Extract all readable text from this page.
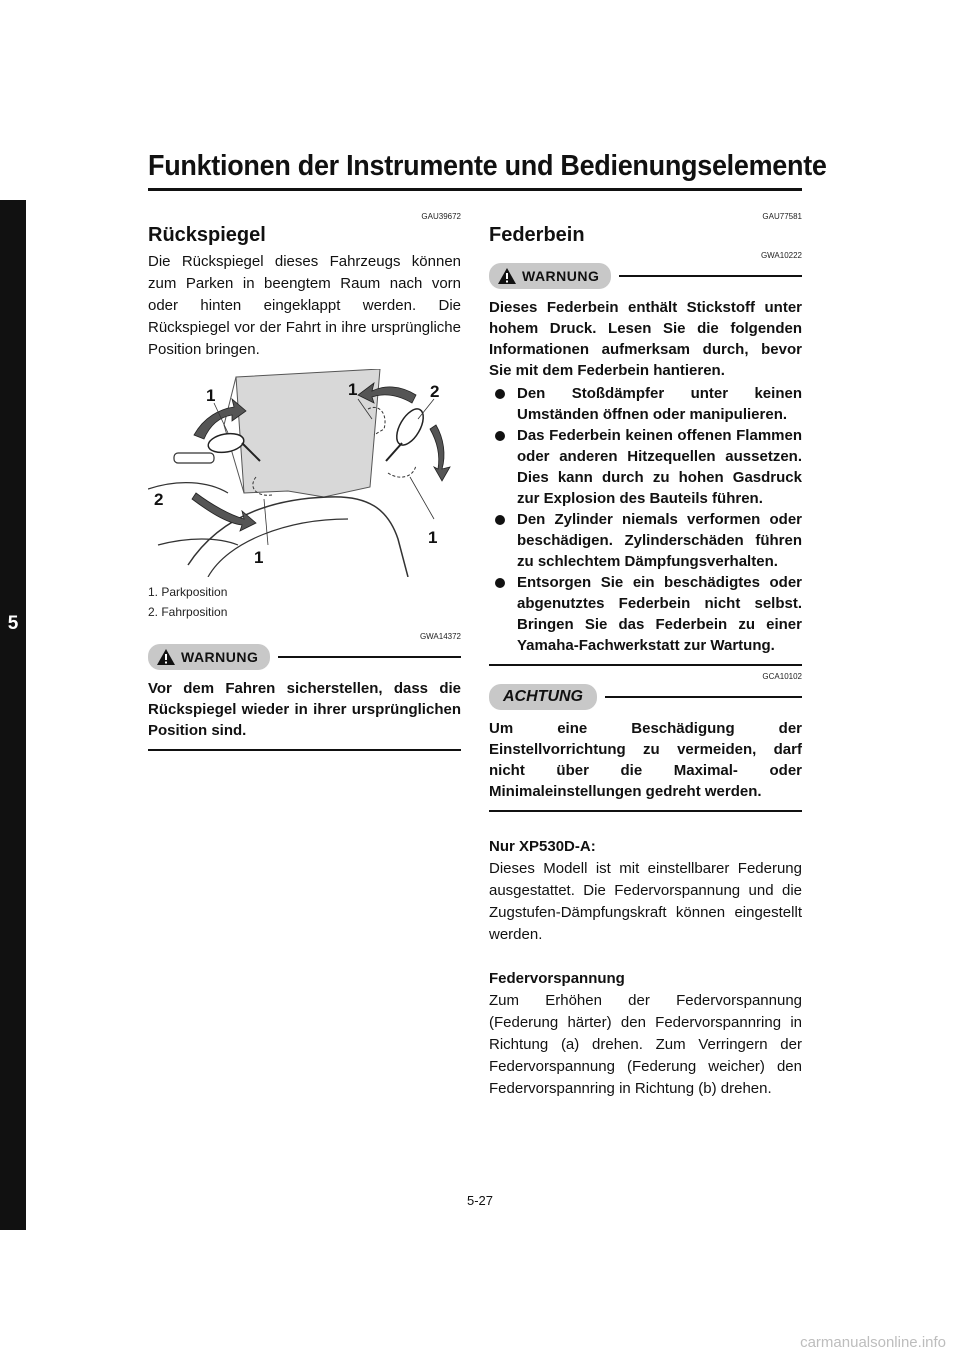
Funktionen der Instrumente und Bedienungselemente
5
GAU39672
Rückspiegel
Die Rückspiegel dieses Fahrzeugs können zum Parken in beengtem Raum nach vorn oder hinten eingeklappt werden. Die Rückspiegel vor der Fahrt in ihre ursprüngliche Position bringen.
1	1	2
2
1
1
1. Parkposition
2. Fahrposition
GWA14372
WARNUNG
Vor dem Fahren sicherstellen, dass die Rückspiegel wieder in ihrer ursprünglichen Position sind.
GAU77581
Federbein
GWA10222
WARNUNG
Dieses Federbein enthält Stickstoff unter hohem Druck. Lesen Sie die folgenden Informationen aufmerksam durch, bevor Sie mit dem Federbein hantieren.
Den Stoßdämpfer unter keinen Umständen öffnen oder manipulieren.
Das Federbein keinen offenen Flammen oder anderen Hitzequellen aussetzen. Dies kann durch zu hohen Gasdruck zur Explosion des Bauteils führen.
Den Zylinder niemals verformen oder beschädigen. Zylinderschäden führen zu schlechtem Dämpfungsverhalten.
Entsorgen Sie ein beschädigtes oder abgenutztes Federbein nicht selbst. Bringen Sie das Federbein zu einer Yamaha-Fachwerkstatt zur Wartung.
GCA10102
ACHTUNG
Um eine Beschädigung der Einstellvorrichtung zu vermeiden, darf nicht über die Maximal- oder Minimaleinstellungen gedreht werden.
Nur XP530D-A:
Dieses Modell ist mit einstellbarer Federung ausgestattet. Die Federvorspannung und die Zugstufen-Dämpfungskraft können eingestellt werden.
Federvorspannung
Zum Erhöhen der Federvorspannung (Federung härter) den Federvorspannring in Richtung (a) drehen. Zum Verringern der Federvorspannung (Federung weicher) den Federvorspannring in Richtung (b) drehen.
5-27
carmanualsonline.info
